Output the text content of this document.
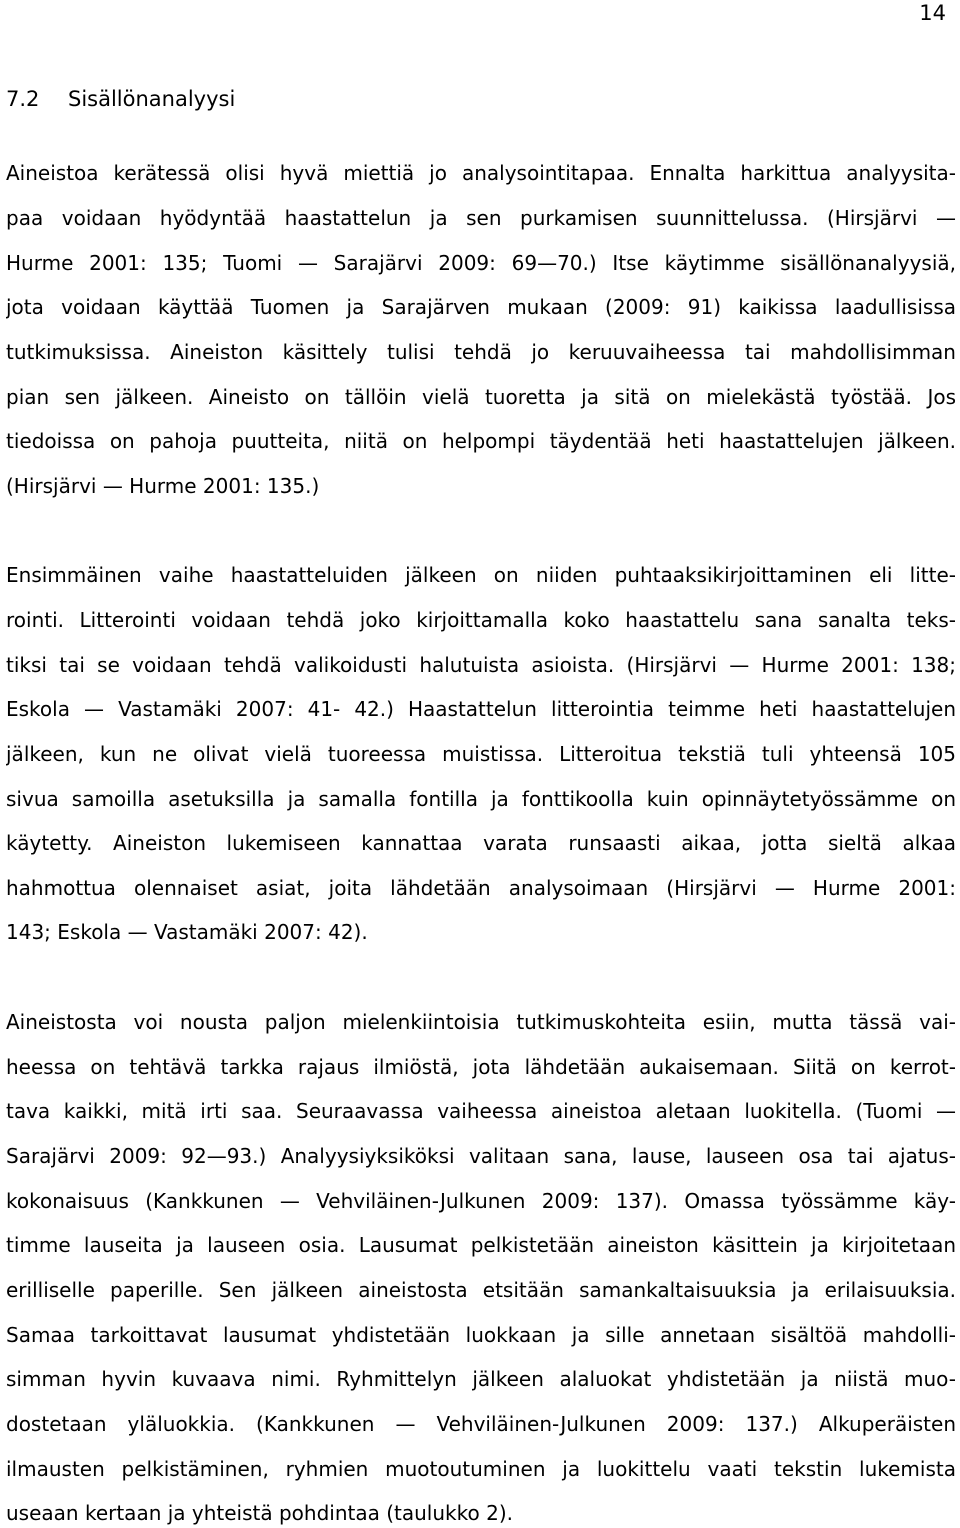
14
7.2 Sisällönanalyysi
Aineistoa kerätessä olisi hyvä miettiä jo analysointitapaa. Ennalta harkittua analyysita-
paa voidaan hyödyntää haastattelun ja sen purkamisen suunnittelussa. (Hirsjärvi —
Hurme 2001: 135; Tuomi — Sarajärvi 2009: 69—70.) Itse käytimme sisällönanalyysiä,
jota voidaan käyttää Tuomen ja Sarajärven mukaan (2009: 91) kaikissa laadullisissa
tutkimuksissa. Aineiston käsittely tulisi tehdä jo keruuvaiheessa tai mahdollisimman
pian sen jälkeen. Aineisto on tällöin vielä tuoretta ja sitä on mielekästä työstää. Jos
tiedoissa on pahoja puutteita, niitä on helpompi täydentää heti haastattelujen jälkeen.
(Hirsjärvi — Hurme 2001: 135.)
Ensimmäinen vaihe haastatteluiden jälkeen on niiden puhtaaksikirjoittaminen eli litte-
rointi. Litterointi voidaan tehdä joko kirjoittamalla koko haastattelu sana sanalta teks-
tiksi tai se voidaan tehdä valikoidusti halutuista asioista. (Hirsjärvi — Hurme 2001: 138;
Eskola — Vastamäki 2007: 41- 42.) Haastattelun litterointia teimme heti haastattelujen
jälkeen, kun ne olivat vielä tuoreessa muistissa. Litteroitua tekstiä tuli yhteensä 105
sivua samoilla asetuksilla ja samalla fontilla ja fonttikoolla kuin opinnäytetyössämme on
käytetty. Aineiston lukemiseen kannattaa varata runsaasti aikaa, jotta sieltä alkaa
hahmottua olennaiset asiat, joita lähdetään analysoimaan (Hirsjärvi — Hurme 2001:
143; Eskola — Vastamäki 2007: 42).
Aineistosta voi nousta paljon mielenkiintoisia tutkimuskohteita esiin, mutta tässä vai-
heessa on tehtävä tarkka rajaus ilmiöstä, jota lähdetään aukaisemaan. Siitä on kerrot-
tava kaikki, mitä irti saa. Seuraavassa vaiheessa aineistoa aletaan luokitella. (Tuomi —
Sarajärvi 2009: 92—93.) Analyysiyksiköksi valitaan sana, lause, lauseen osa tai ajatus-
kokonaisuus (Kankkunen — Vehviläinen-Julkunen 2009: 137). Omassa työssämme käy-
timme lauseita ja lauseen osia. Lausumat pelkistetään aineiston käsittein ja kirjoitetaan
erilliselle paperille. Sen jälkeen aineistosta etsitään samankaltaisuuksia ja erilaisuuksia.
Samaa tarkoittavat lausumat yhdistetään luokkaan ja sille annetaan sisältöä mahdolli-
simman hyvin kuvaava nimi. Ryhmittelyn jälkeen alaluokat yhdistetään ja niistä muo-
dostetaan yläluokkia. (Kankkunen — Vehviläinen-Julkunen 2009: 137.) Alkuperäisten
ilmausten pelkistäminen, ryhmien muotoutuminen ja luokittelu vaati tekstin lukemista
useaan kertaan ja yhteistä pohdintaa (taulukko 2).
